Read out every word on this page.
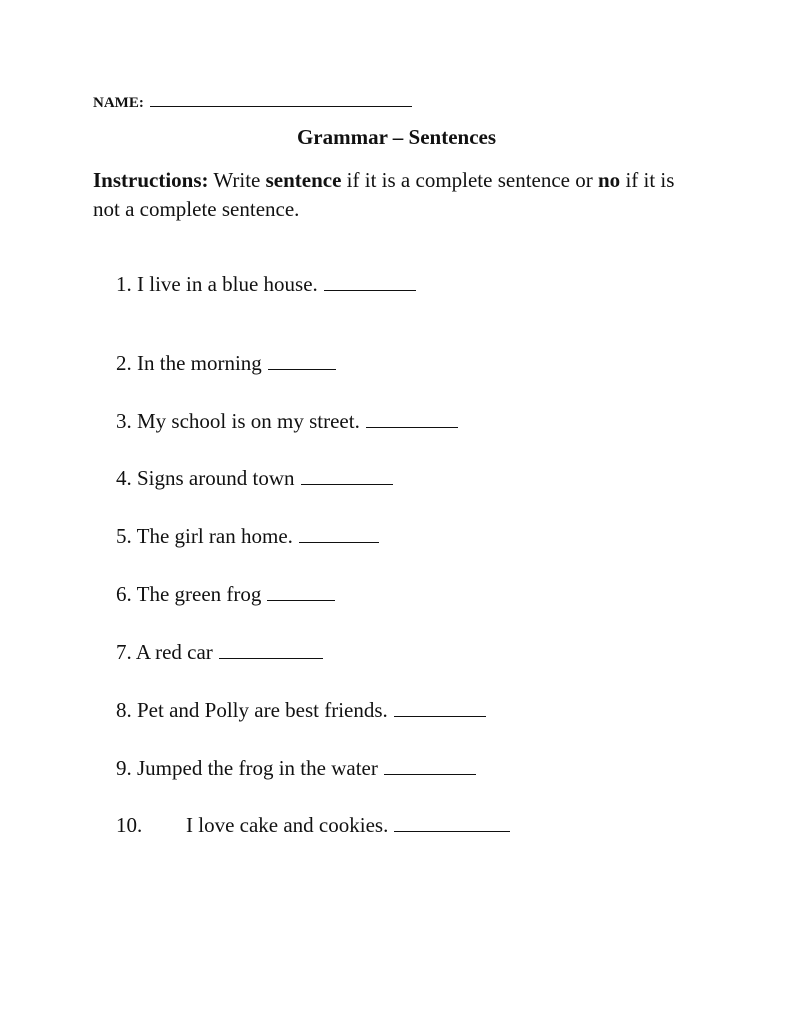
NAME:
Grammar – Sentences
Instructions: Write sentence if it is a complete sentence or no if it is not a complete sentence.
1. I live in a blue house.
2. In the morning
3. My school is on my street.
4. Signs around town
5. The girl ran home.
6. The green frog
7. A red car
8. Pet and Polly are best friends.
9. Jumped the frog in the water
10. I love cake and cookies.
